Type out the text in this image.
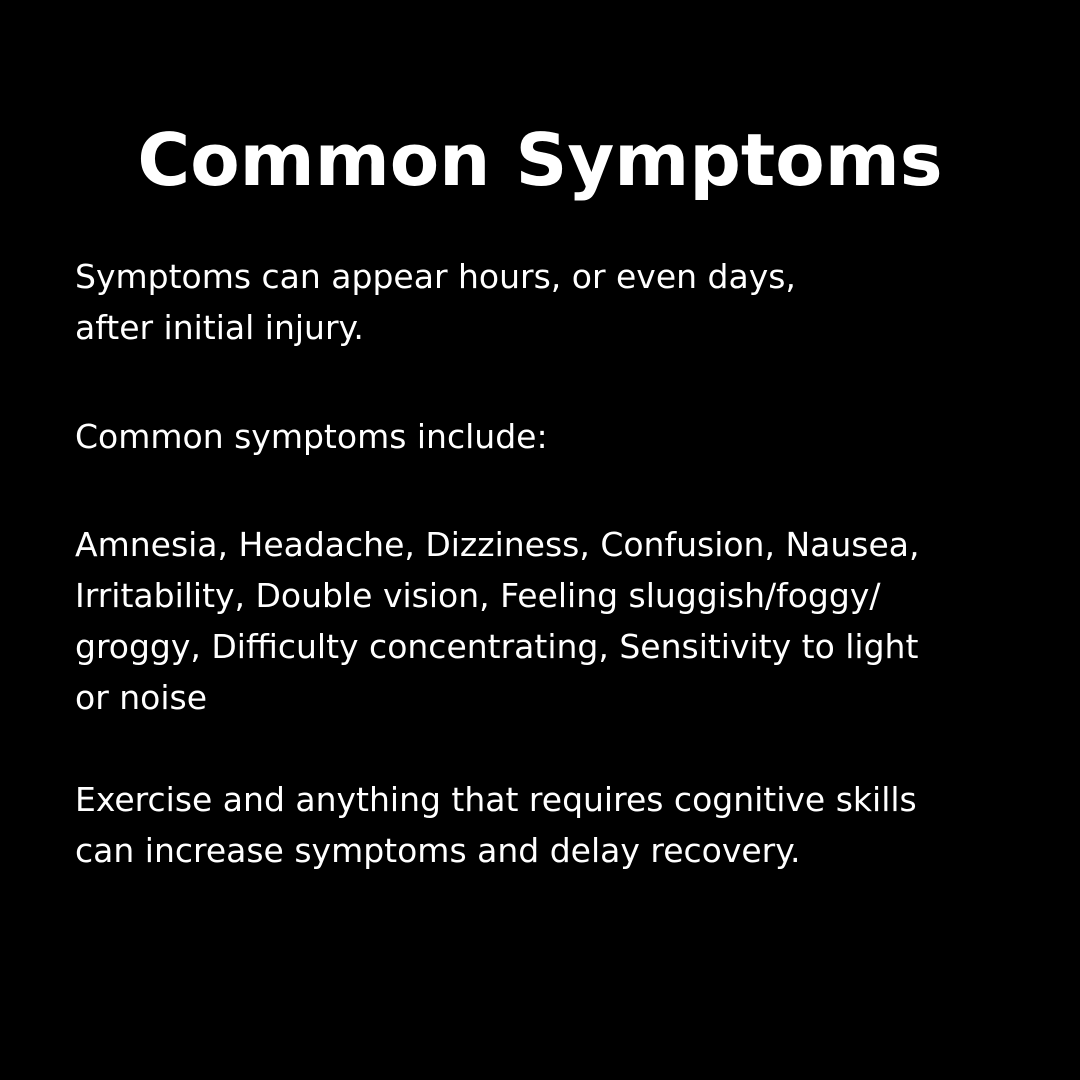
Common Symptoms

Symptoms can appear hours, or even days,
after initial injury.

Common symptoms include:

Amnesia, Headache, Dizziness, Confusion, Nausea,
Irritability, Double vision, Feeling sluggish/foggy/
groggy, Difficulty concentrating, Sensitivity to light
or noise

Exercise and anything that requires cognitive skills
can increase symptoms and delay recovery.
